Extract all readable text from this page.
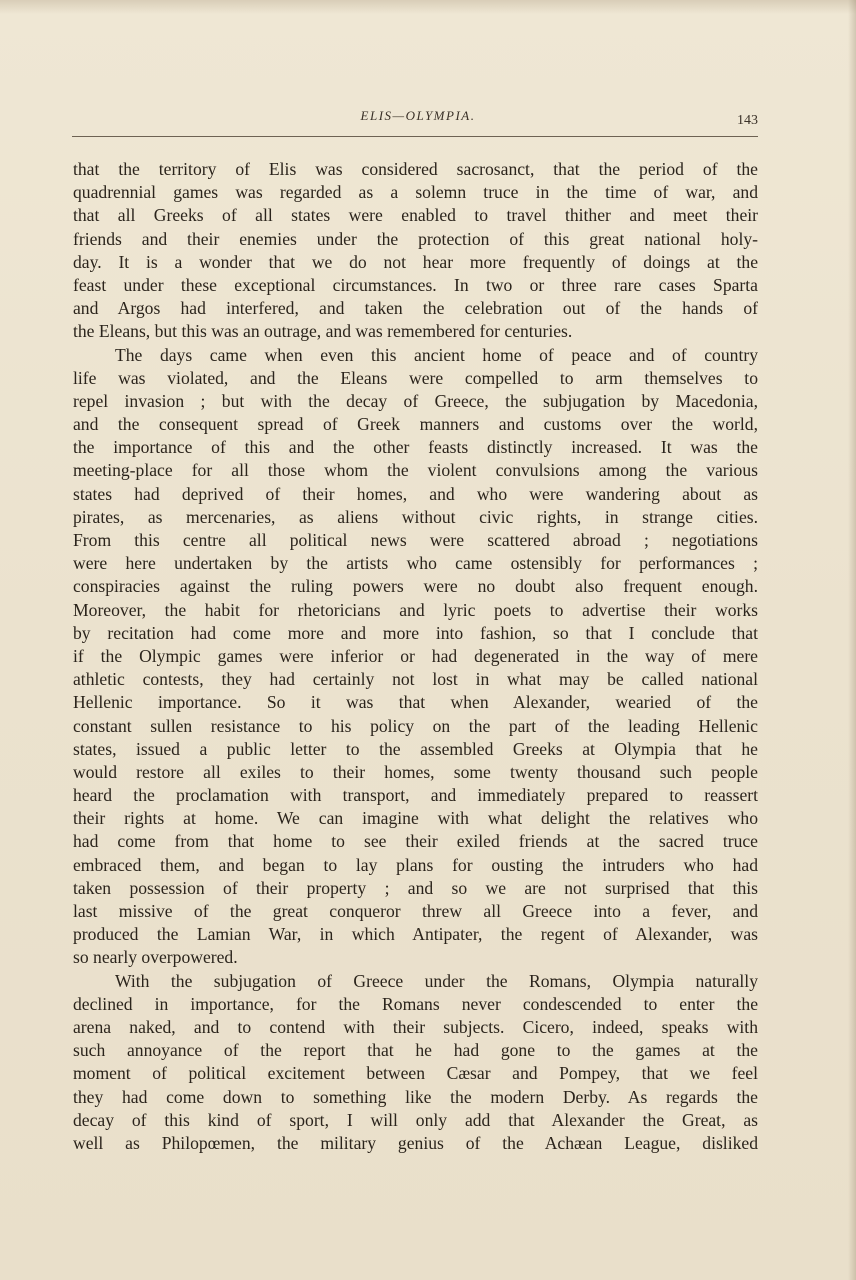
ELIS—OLYMPIA.	143
that the territory of Elis was considered sacrosanct, that the period of the
quadrennial games was regarded as a solemn truce in the time of war, and
that all Greeks of all states were enabled to travel thither and meet their
friends and their enemies under the protection of this great national holy-
day. It is a wonder that we do not hear more frequently of doings at the
feast under these exceptional circumstances. In two or three rare cases Sparta
and Argos had interfered, and taken the celebration out of the hands of
the Eleans, but this was an outrage, and was remembered for centuries.
The days came when even this ancient home of peace and of country
life was violated, and the Eleans were compelled to arm themselves to
repel invasion ; but with the decay of Greece, the subjugation by Macedonia,
and the consequent spread of Greek manners and customs over the world,
the importance of this and the other feasts distinctly increased. It was the
meeting-place for all those whom the violent convulsions among the various
states had deprived of their homes, and who were wandering about as
pirates, as mercenaries, as aliens without civic rights, in strange cities.
From this centre all political news were scattered abroad ; negotiations
were here undertaken by the artists who came ostensibly for performances ;
conspiracies against the ruling powers were no doubt also frequent enough.
Moreover, the habit for rhetoricians and lyric poets to advertise their works
by recitation had come more and more into fashion, so that I conclude that
if the Olympic games were inferior or had degenerated in the way of mere
athletic contests, they had certainly not lost in what may be called national
Hellenic importance. So it was that when Alexander, wearied of the
constant sullen resistance to his policy on the part of the leading Hellenic
states, issued a public letter to the assembled Greeks at Olympia that he
would restore all exiles to their homes, some twenty thousand such people
heard the proclamation with transport, and immediately prepared to reassert
their rights at home. We can imagine with what delight the relatives who
had come from that home to see their exiled friends at the sacred truce
embraced them, and began to lay plans for ousting the intruders who had
taken possession of their property ; and so we are not surprised that this
last missive of the great conqueror threw all Greece into a fever, and
produced the Lamian War, in which Antipater, the regent of Alexander, was
so nearly overpowered.
With the subjugation of Greece under the Romans, Olympia naturally
declined in importance, for the Romans never condescended to enter the
arena naked, and to contend with their subjects. Cicero, indeed, speaks with
such annoyance of the report that he had gone to the games at the
moment of political excitement between Cæsar and Pompey, that we feel
they had come down to something like the modern Derby. As regards the
decay of this kind of sport, I will only add that Alexander the Great, as
well as Philopœmen, the military genius of the Achæan League, disliked
